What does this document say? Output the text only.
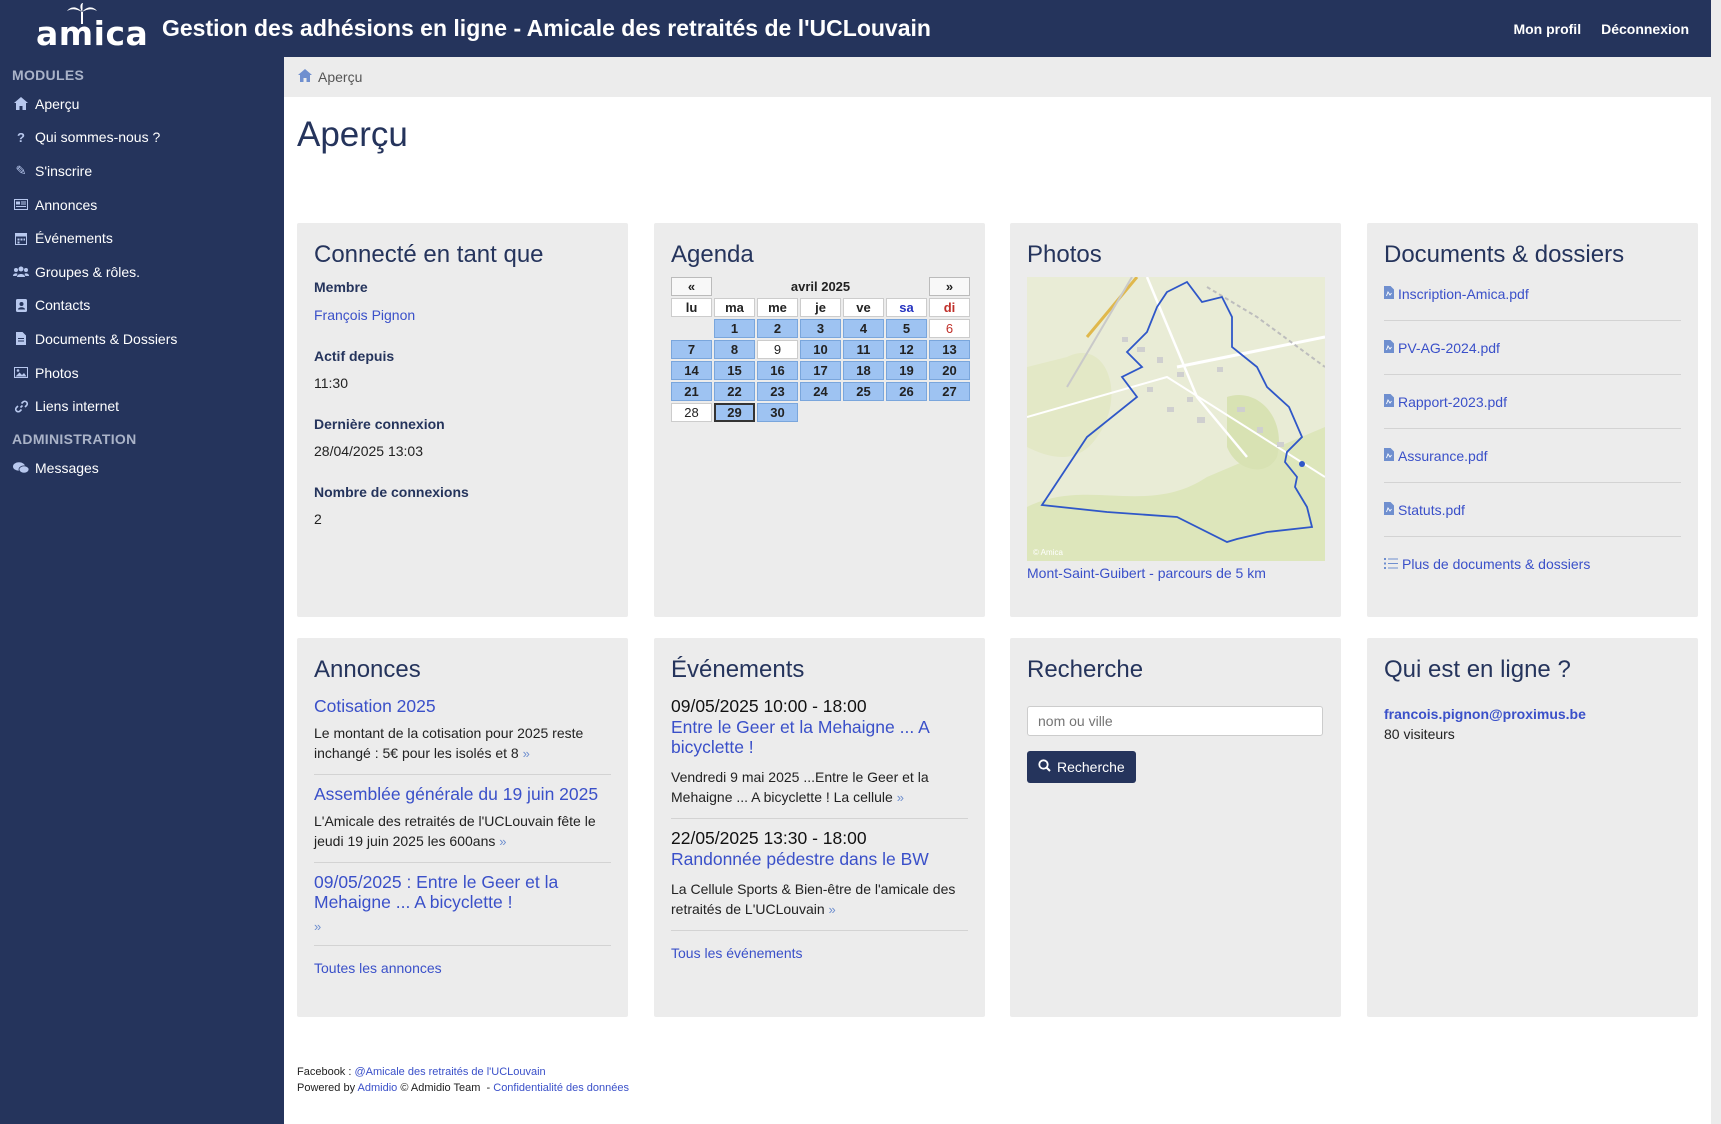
amica Gestion des adhésions en ligne - Amicale des retraités de l'UCLouvain	Mon profil Déconnexion
MODULES
Aperçu
? Qui sommes-nous ?
✎ S'inscrire
Annonces
Événements
Groupes & rôles.
Contacts
Documents & Dossiers
Photos
Liens internet
ADMINISTRATION
Messages
Aperçu
Aperçu
Connecté en tant que
Membre
François Pignon
Actif depuis
11:30
Dernière connexion
28/04/2025 13:03
Nombre de connexions
2
Agenda
«	avril 2025					»
lu	ma	me	je	ve	sa	di
	1	2	3	4	5	6
7	8	9	10	11	12	13
14	15	16	17	18	19	20
21	22	23	24	25	26	27
28	29	30				
Photos
© Amica
Mont-Saint-Guibert - parcours de 5 km
Documents & dossiers
Inscription-Amica.pdf
PV-AG-2024.pdf
Rapport-2023.pdf
Assurance.pdf
Statuts.pdf
Plus de documents & dossiers
Annonces
Cotisation 2025
Le montant de la cotisation pour 2025 reste inchangé : 5€ pour les isolés et 8 »
Assemblée générale du 19 juin 2025
L'Amicale des retraités de l'UCLouvain fête le jeudi 19 juin 2025 les 600ans »
09/05/2025 : Entre le Geer et la Mehaigne ... A bicyclette !
»
Toutes les annonces
Événements
09/05/2025 10:00 - 18:00
Entre le Geer et la Mehaigne ... A bicyclette !
Vendredi 9 mai 2025 ...Entre le Geer et la Mehaigne ... A bicyclette ! La cellule »
22/05/2025 13:30 - 18:00
Randonnée pédestre dans le BW
La Cellule Sports & Bien-être de l'amicale des retraités de L'UCLouvain »
Tous les événements
Recherche
nom ou ville

Recherche
Qui est en ligne ?
francois.pignon@proximus.be
80 visiteurs
Facebook : @Amicale des retraités de l'UCLouvain
Powered by Admidio © Admidio Team  - Confidentialité des données
